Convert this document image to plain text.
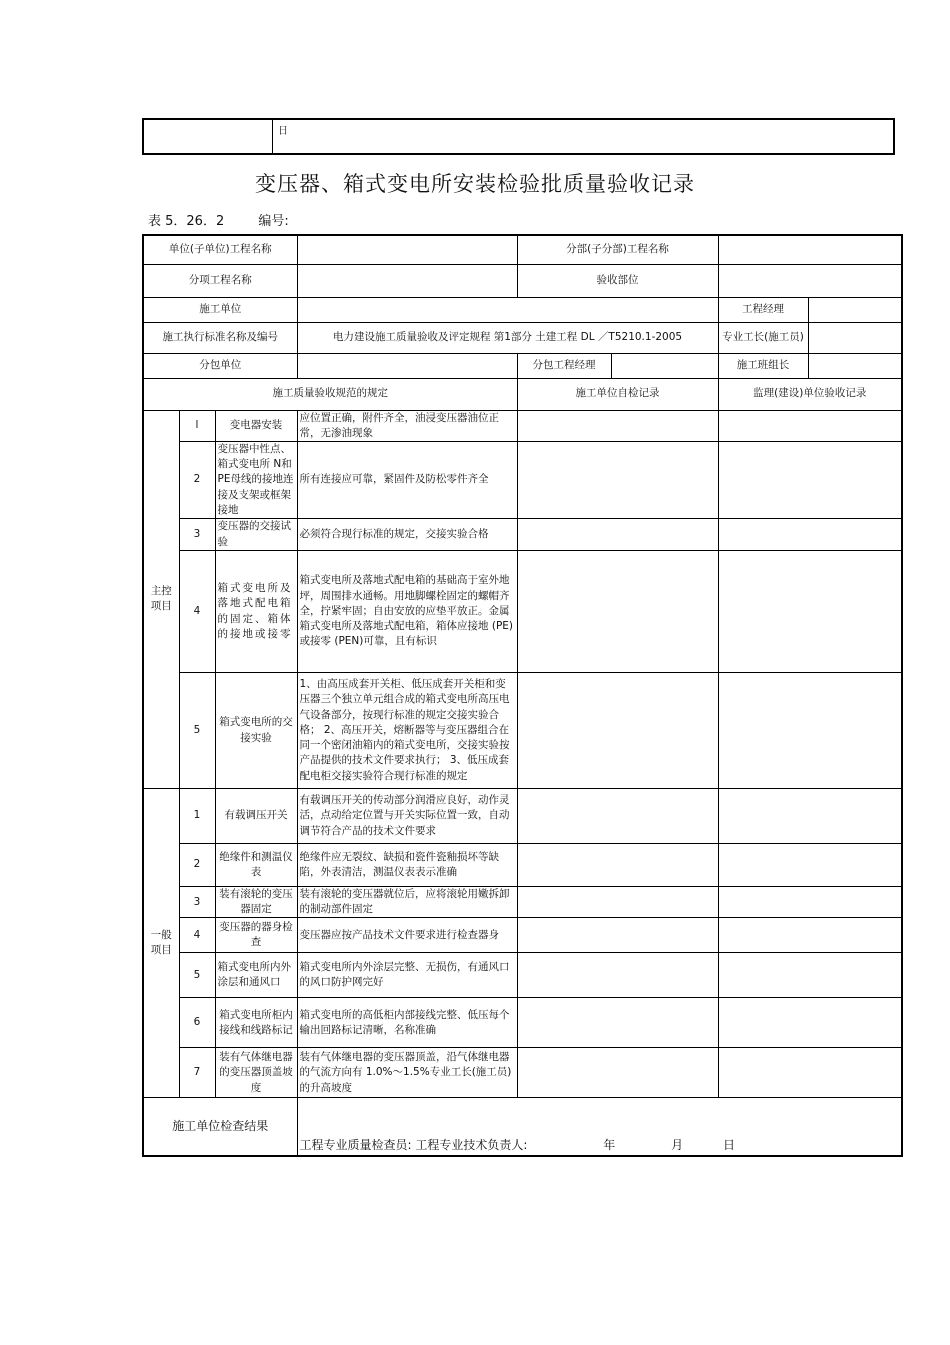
日
变压器、箱式变电所安装检验批质量验收记录
表 5．26．2	编号:
单位(子单位)工程名称				分部(子分部)工程名称			
分项工程名称				验收部位			
施工单位						工程经理	
施工执行标准名称及编号			电力建设施工质量验收及评定规程 第1部分 土建工程 DL ／T5210.1-2005			专业工长(施工员)	
分包单位				分包工程经理		施工班组长	
施工质量验收规范的规定				施工单位自检记录		监理(建设)单位验收记录	
主控项目	l	变电器安装	应位置正确，附件齐全，油浸变压器油位正常，无渗油现象				
	2	变压器中性点、箱式变电所 N和 PE母线的接地连接及支架或框架接地	所有连接应可靠，紧固件及防松零件齐全				
	3	变压器的交接试验	必须符合现行标准的规定，交接实验合格				
	4	箱式变电所及落地式配电箱的固定、箱体的接地或接零	箱式变电所及落地式配电箱的基础高于室外地坪，周围排水通畅。用地脚螺栓固定的螺帽齐全，拧紧牢固；自由安放的应垫平放正。金属箱式变电所及落地式配电箱，箱体应接地 (PE) 或接零 (PEN)可靠，且有标识				
	5	箱式变电所的交接实验	1、由高压成套开关柜、低压成套开关柜和变压器三个独立单元组合成的箱式变电所高压电气设备部分，按现行标准的规定交接实验合格； 2、高压开关，熔断器等与变压器组合在同一个密闭油箱内的箱式变电所，交接实验按产品提供的技术文件要求执行； 3、低压成套配电柜交接实验符合现行标准的规定				
一般项目	1	有载调压开关	有载调压开关的传动部分润滑应良好，动作灵活，点动给定位置与开关实际位置一致，自动调节符合产品的技术文件要求				
	2	绝缘件和测温仪表	绝缘件应无裂纹、缺损和瓷件瓷釉损坏等缺陷，外表清洁，测温仪表表示准确				
	3	装有滚轮的变压器固定	装有滚轮的变压器就位后，应将滚轮用嫩拆卸的制动部件固定				
	4	变压器的器身检查	变压器应按产品技术文件要求进行检查器身				
	5	箱式变电所内外涂层和通风口	箱式变电所内外涂层完整、无损伤，有通风口的风口防护网完好				
	6	箱式变电所柜内接线和线路标记	箱式变电所的高低柜内部接线完整、低压每个输出回路标记清晰，名称准确				
	7	装有气体继电器的变压器顶盖坡度	装有气体继电器的变压器顶盖，沿气体继电器的气流方向有 1.0%～1.5%专业工长(施工员)的升高坡度				
施工单位检查结果			工程专业质量检查员: 工程专业技术负责人: 年 月 日				
